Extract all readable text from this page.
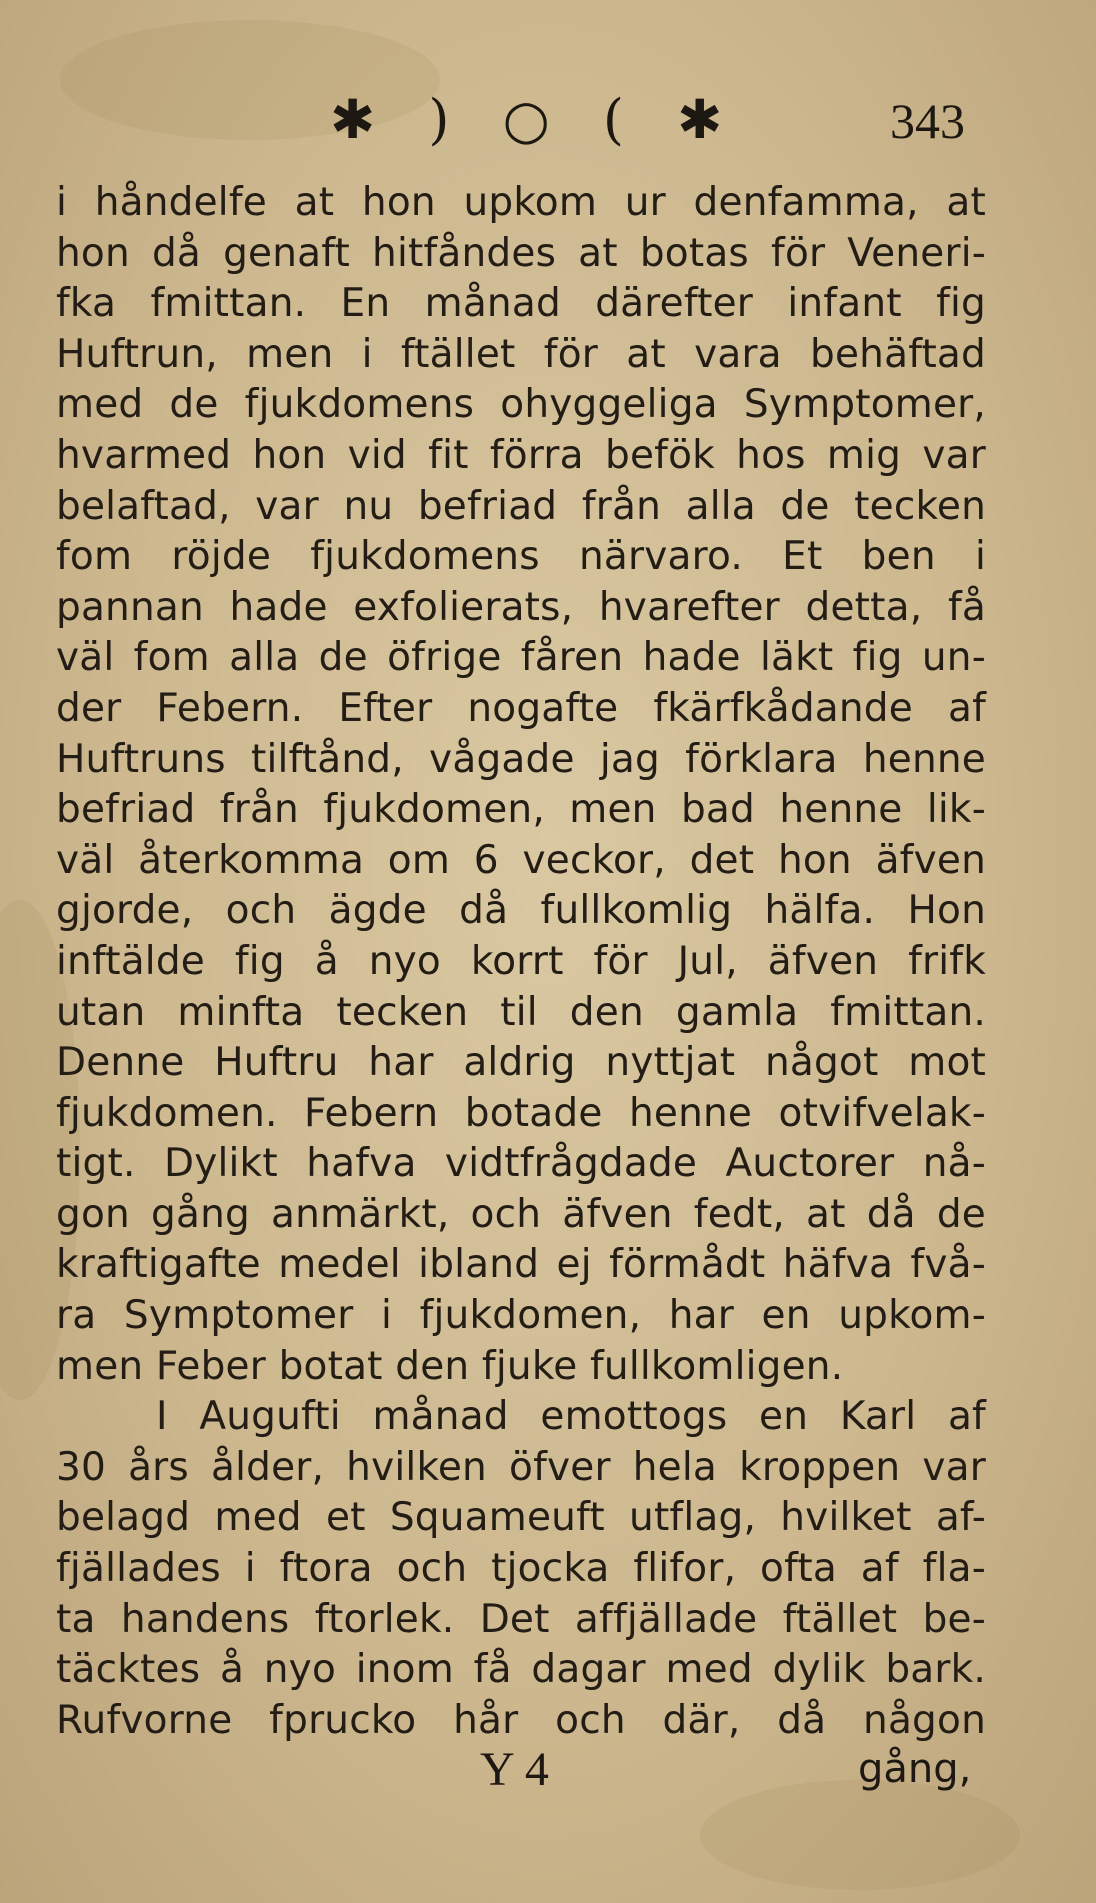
✱ ) ○ ( ✱	343
i håndelfe at hon upkom ur denfamma, at
hon då genaft hitfåndes at botas för Veneri-
fka fmittan. En månad därefter infant fig
Huftrun, men i ftället för at vara behäftad
med de fjukdomens ohyggeliga Symptomer,
hvarmed hon vid fit förra befök hos mig var
belaftad, var nu befriad från alla de tecken
fom röjde fjukdomens närvaro. Et ben i
pannan hade exfolierats, hvarefter detta, få
väl fom alla de öfrige fåren hade läkt fig un-
der Febern. Efter nogafte fkärfkådande af
Huftruns tilftånd, vågade jag förklara henne
befriad från fjukdomen, men bad henne lik-
väl återkomma om 6 veckor, det hon äfven
gjorde, och ägde då fullkomlig hälfa. Hon
inftälde fig å nyo korrt för Jul, äfven frifk
utan minfta tecken til den gamla fmittan.
Denne Huftru har aldrig nyttjat något mot
fjukdomen. Febern botade henne otvifvelak-
tigt. Dylikt hafva vidtfrågdade Auctorer nå-
gon gång anmärkt, och äfven fedt, at då de
kraftigafte medel ibland ej förmådt häfva fvå-
ra Symptomer i fjukdomen, har en upkom-
men Feber botat den fjuke fullkomligen.
I Augufti månad emottogs en Karl af
30 års ålder, hvilken öfver hela kroppen var
belagd med et Squameuft utflag, hvilket af-
fjällades i ftora och tjocka flifor, ofta af fla-
ta handens ftorlek. Det affjällade ftället be-
täcktes å nyo inom få dagar med dylik bark.
Rufvorne fprucko hår och där, då någon
Y 4	gång,
